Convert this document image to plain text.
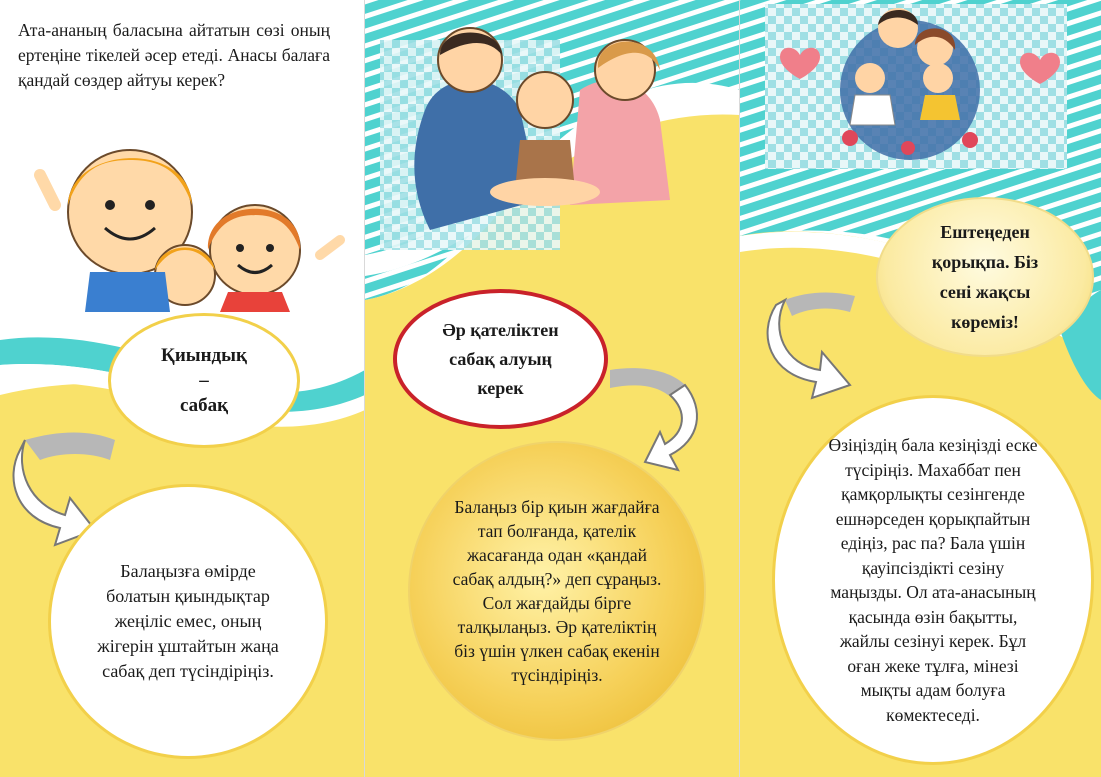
Ата-ананың баласына айтатын сөзі оның ертеңіне тікелей әсер етеді. Анасы балаға қандай сөздер айтуы керек?

Қиындық
–
сабақ
Балаңызға өмірде болатын қиындықтар жеңіліс емес, оның жігерін ұштайтын жаңа сабақ деп түсіндіріңіз.
Әр қателіктен сабақ алуың керек
Балаңыз бір қиын жағдайға тап болғанда, қателік жасағанда одан «қандай сабақ алдың?» деп сұраңыз. Сол жағдайды бірге талқылаңыз. Әр қателіктің біз үшін үлкен сабақ екенін түсіндіріңіз.
Ештеңеден қорықпа. Біз сені жақсы көреміз!
Өзіңіздің бала кезіңізді еске түсіріңіз. Махаббат пен қамқорлықты сезінгенде ешнәрседен қорықпайтын едіңіз, рас па? Бала үшін қауіпсіздікті сезіну маңызды. Ол ата-анасының қасында өзін бақытты, жайлы сезінуі керек. Бұл оған жеке тұлға, мінезі мықты адам болуға көмектеседі.
